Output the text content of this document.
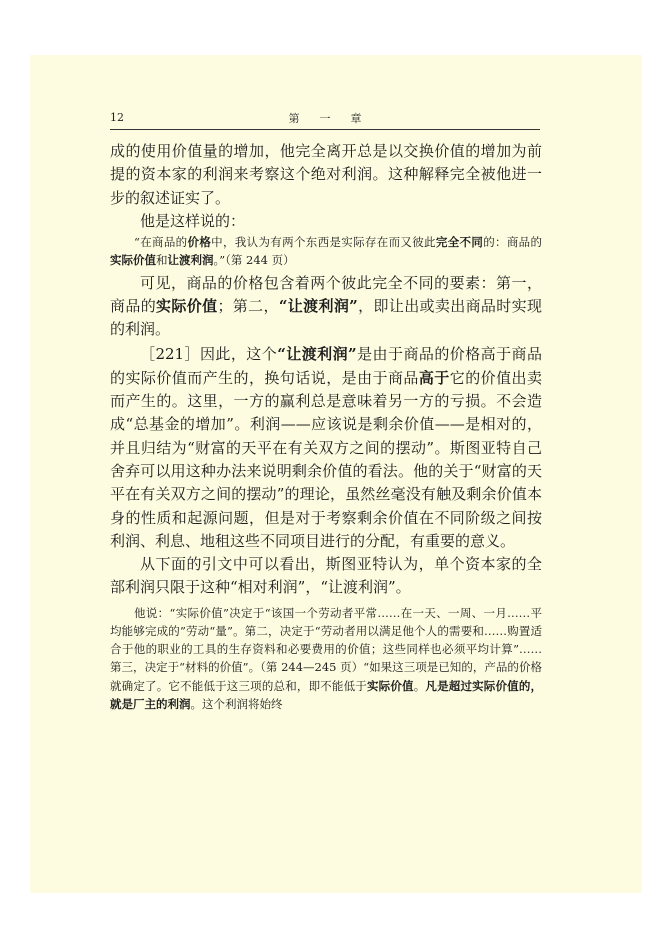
12	第一章

成的使用价值量的增加，他完全离开总是以交换价值的增加为前提的资本家的利润来考察这个绝对利润。这种解释完全被他进一步的叙述证实了。

他是这样说的：

“在商品的价格中，我认为有两个东西是实际存在而又彼此完全不同的：商品的实际价值和让渡利润。”（第 244 页）

可见，商品的价格包含着两个彼此完全不同的要素：第一，商品的实际价值；第二，“让渡利润”，即让出或卖出商品时实现的利润。

［221］因此，这个“让渡利润”是由于商品的价格高于商品的实际价值而产生的，换句话说，是由于商品高于它的价值出卖而产生的。这里，一方的赢利总是意味着另一方的亏损。不会造成“总基金的增加”。利润——应该说是剩余价值——是相对的，并且归结为“财富的天平在有关双方之间的摆动”。斯图亚特自己舍弃可以用这种办法来说明剩余价值的看法。他的关于“财富的天平在有关双方之间的摆动”的理论，虽然丝毫没有触及剩余价值本身的性质和起源问题，但是对于考察剩余价值在不同阶级之间按利润、利息、地租这些不同项目进行的分配，有重要的意义。

从下面的引文中可以看出，斯图亚特认为，单个资本家的全部利润只限于这种“相对利润”，“让渡利润”。

他说：“实际价值”决定于“该国一个劳动者平常……在一天、一周、一月……平均能够完成的”劳动“量”。第二，决定于“劳动者用以满足他个人的需要和……购置适合于他的职业的工具的生存资料和必要费用的价值；这些同样也必须平均计算”…… 第三，决定于“材料的价值”。（第 244—245 页）“如果这三项是已知的，产品的价格就确定了。它不能低于这三项的总和，即不能低于实际价值。凡是超过实际价值的，就是厂主的利润。这个利润将始终
